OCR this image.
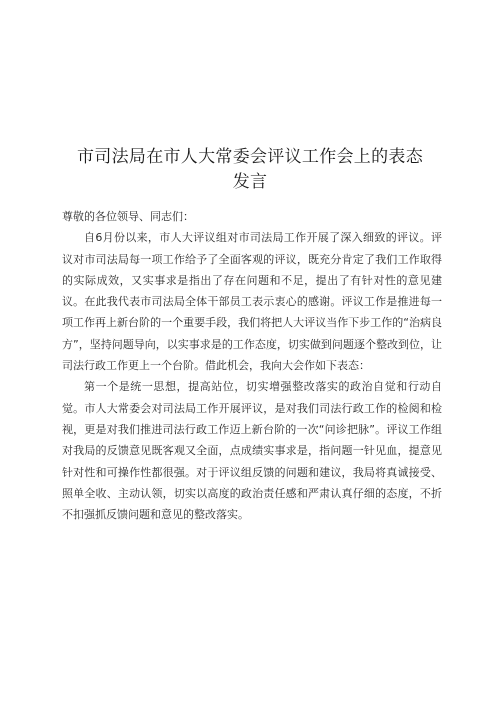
市司法局在市人大常委会评议工作会上的表态
发言

尊敬的各位领导、同志们：

自6月份以来，市人大评议组对市司法局工作开展了深入细致的评议。评议对市司法局每一项工作给予了全面客观的评议，既充分肯定了我们工作取得的实际成效，又实事求是指出了存在问题和不足，提出了有针对性的意见建议。在此我代表市司法局全体干部员工表示衷心的感谢。评议工作是推进每一项工作再上新台阶的一个重要手段，我们将把人大评议当作下步工作的“治病良方”，坚持问题导向，以实事求是的工作态度，切实做到问题逐个整改到位，让司法行政工作更上一个台阶。借此机会，我向大会作如下表态：

第一个是统一思想，提高站位，切实增强整改落实的政治自觉和行动自觉。市人大常委会对司法局工作开展评议，是对我们司法行政工作的检阅和检视，更是对我们推进司法行政工作迈上新台阶的一次“问诊把脉”。评议工作组对我局的反馈意见既客观又全面，点成绩实事求是，指问题一针见血，提意见针对性和可操作性都很强。对于评议组反馈的问题和建议，我局将真诚接受、照单全收、主动认领，切实以高度的政治责任感和严肃认真仔细的态度，不折不扣强抓反馈问题和意见的整改落实。
